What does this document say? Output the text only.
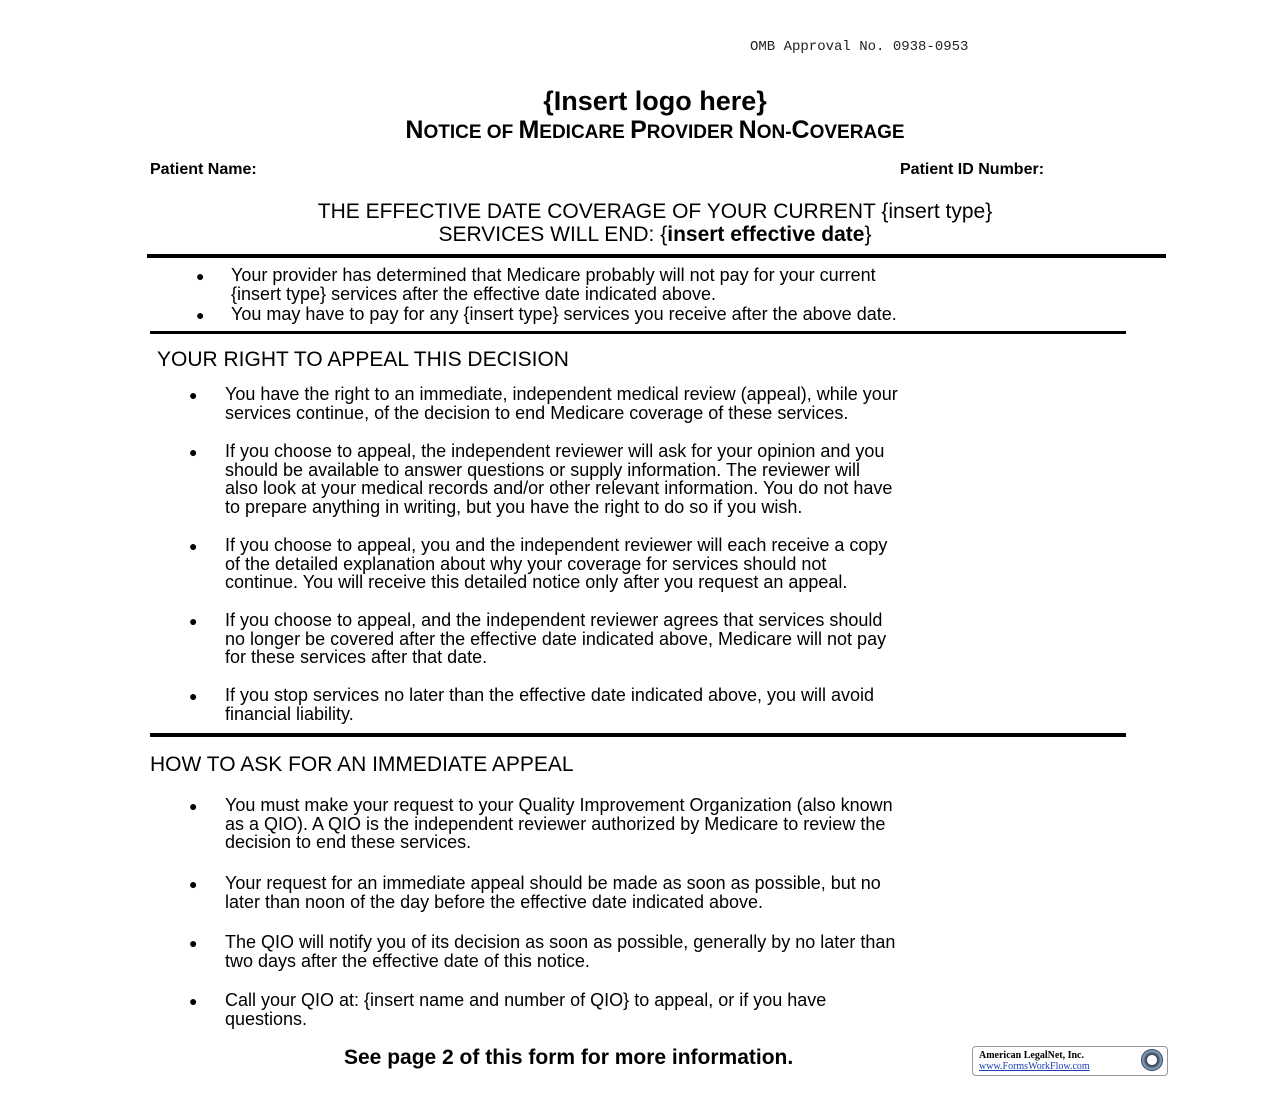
OMB Approval No. 0938-0953
{Insert logo here}
NOTICE OF MEDICARE PROVIDER NON-COVERAGE
Patient Name:	Patient ID Number:
THE EFFECTIVE DATE COVERAGE OF YOUR CURRENT {insert type}
SERVICES WILL END: {insert effective date}
YOUR RIGHT TO APPEAL THIS DECISION
HOW TO ASK FOR AN IMMEDIATE APPEAL
● Your provider has determined that Medicare probably will not pay for your current
{insert type} services after the effective date indicated above.
● You may have to pay for any {insert type} services you receive after the above date.
● You have the right to an immediate, independent medical review (appeal), while your
services continue, of the decision to end Medicare coverage of these services.
● If you choose to appeal, the independent reviewer will ask for your opinion and you
should be available to answer questions or supply information. The reviewer will
also look at your medical records and/or other relevant information. You do not have
to prepare anything in writing, but you have the right to do so if you wish.
● If you choose to appeal, you and the independent reviewer will each receive a copy
of the detailed explanation about why your coverage for services should not
continue. You will receive this detailed notice only after you request an appeal.
● If you choose to appeal, and the independent reviewer agrees that services should
no longer be covered after the effective date indicated above, Medicare will not pay
for these services after that date.
● If you stop services no later than the effective date indicated above, you will avoid
financial liability.
● You must make your request to your Quality Improvement Organization (also known
as a QIO). A QIO is the independent reviewer authorized by Medicare to review the
decision to end these services.
● Your request for an immediate appeal should be made as soon as possible, but no
later than noon of the day before the effective date indicated above.
● The QIO will notify you of its decision as soon as possible, generally by no later than
two days after the effective date of this notice.
● Call your QIO at: {insert name and number of QIO} to appeal, or if you have
questions.
See page 2 of this form for more information.	American LegalNet, Inc.
www.FormsWorkFlow.com
